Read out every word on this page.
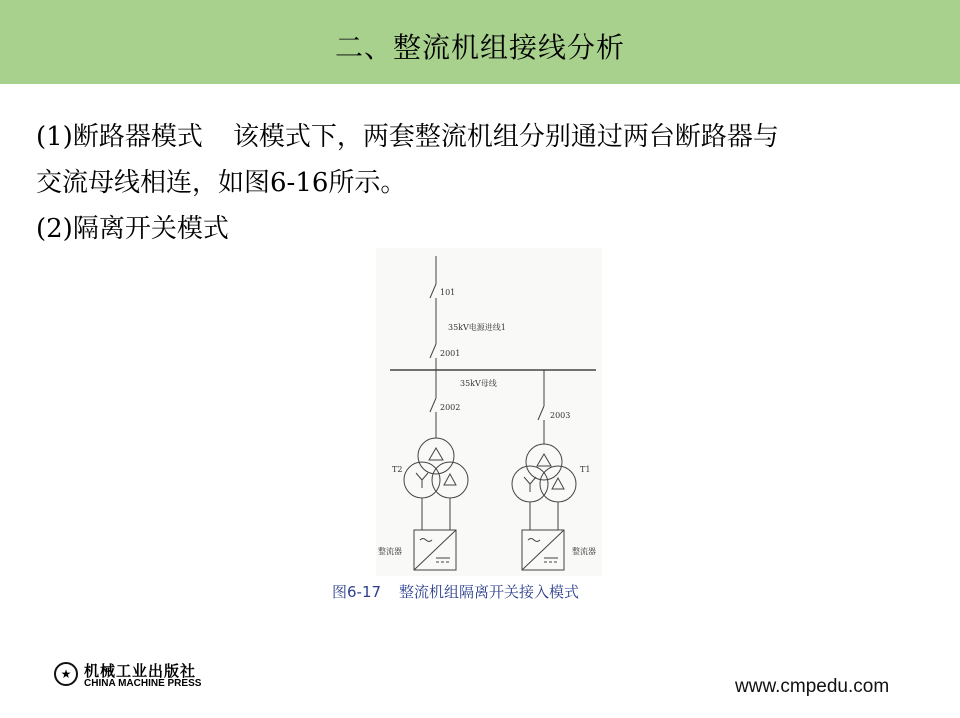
二、整流机组接线分析
(1)断路器模式 该模式下，两套整流机组分别通过两台断路器与
交流母线相连，如图6-16所示。
(2)隔离开关模式
101
35kV电源进线1
2001
35kV母线
2002
2003
T2	T1
整流器	整流器
图6-17 整流机组隔离开关接入模式
★ 机械工业出版社
CHINA MACHINE PRESS	www.cmpedu.com
